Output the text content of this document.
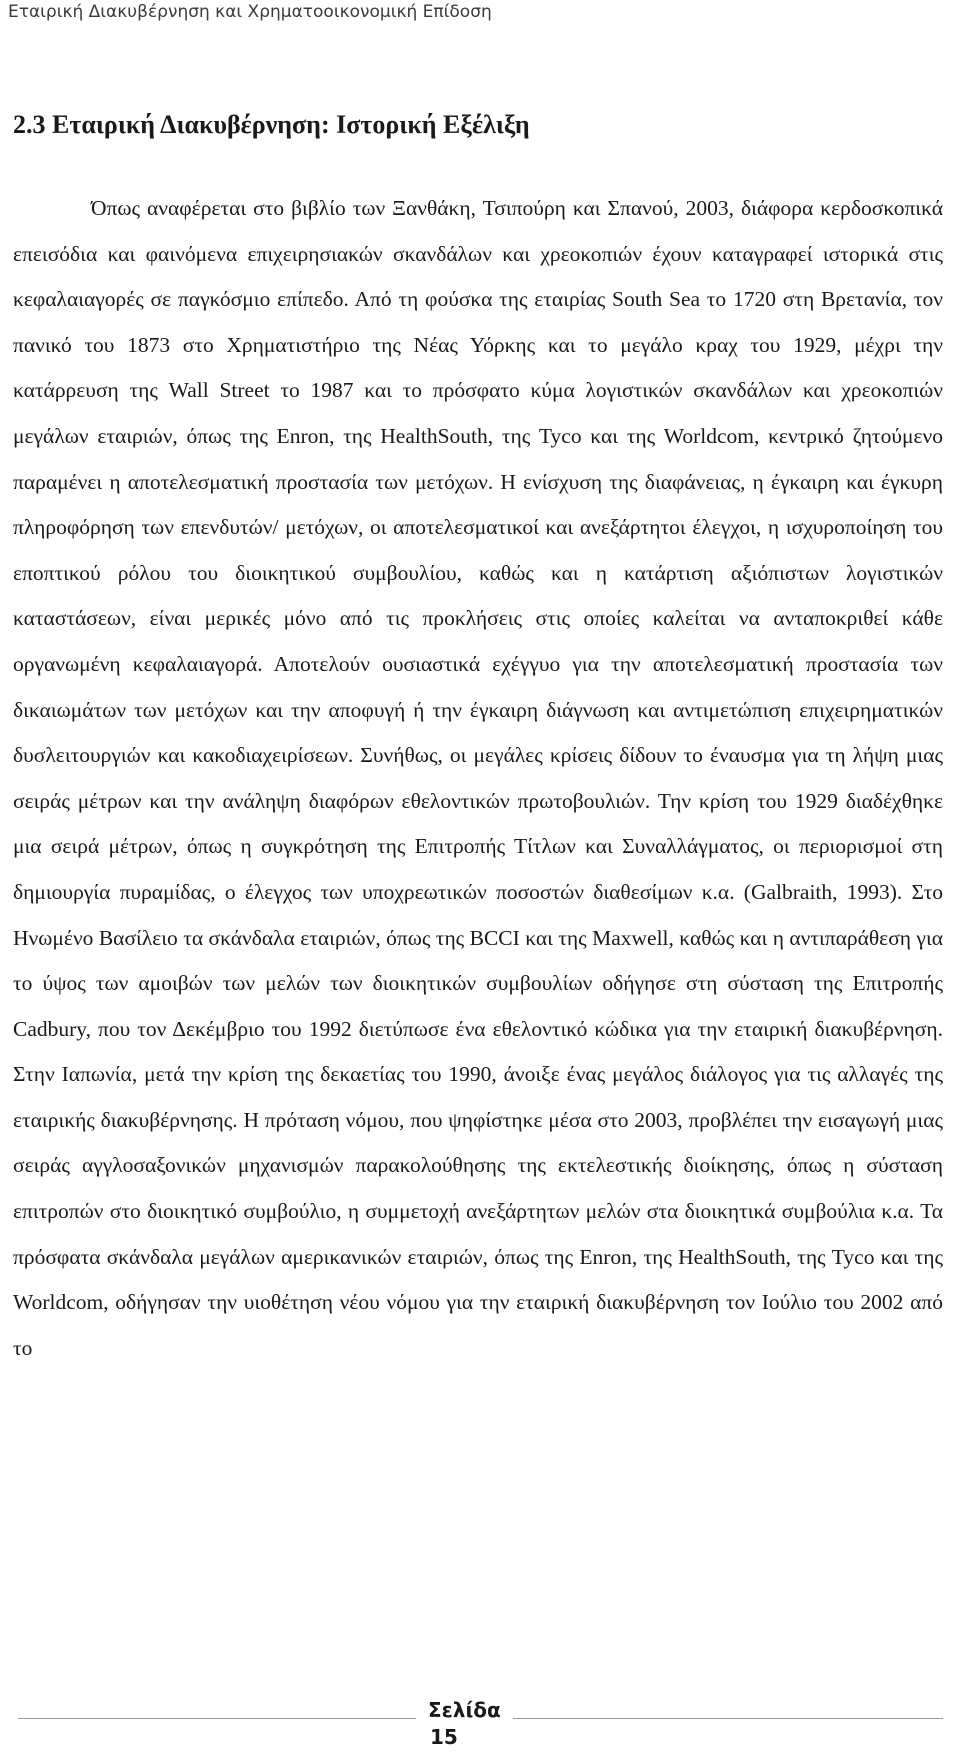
Εταιρική Διακυβέρνηση και Χρηματοοικονομική Επίδοση
2.3 Εταιρική Διακυβέρνηση: Ιστορική Εξέλιξη

Όπως αναφέρεται στο βιβλίο των Ξανθάκη, Τσιπούρη και Σπανού, 2003, διάφορα κερδοσκοπικά επεισόδια και φαινόμενα επιχειρησιακών σκανδάλων και χρεοκοπιών έχουν καταγραφεί ιστορικά στις κεφαλαιαγορές σε παγκόσμιο επίπεδο. Από τη φούσκα της εταιρίας South Sea το 1720 στη Βρετανία, τον πανικό του 1873 στο Χρηματιστήριο της Νέας Υόρκης και το μεγάλο κραχ του 1929, μέχρι την κατάρρευση της Wall Street το 1987 και το πρόσφατο κύμα λογιστικών σκανδάλων και χρεοκοπιών μεγάλων εταιριών, όπως της Enron, της HealthSouth, της Tyco και της Worldcom, κεντρικό ζητούμενο παραμένει η αποτελεσματική προστασία των μετόχων. Η ενίσχυση της διαφάνειας, η έγκαιρη και έγκυρη πληροφόρηση των επενδυτών/ μετόχων, οι αποτελεσματικοί και ανεξάρτητοι έλεγχοι, η ισχυροποίηση του εποπτικού ρόλου του διοικητικού συμβουλίου, καθώς και η κατάρτιση αξιόπιστων λογιστικών καταστάσεων, είναι μερικές μόνο από τις προκλήσεις στις οποίες καλείται να ανταποκριθεί κάθε οργανωμένη κεφαλαιαγορά. Αποτελούν ουσιαστικά εχέγγυο για την αποτελεσματική προστασία των δικαιωμάτων των μετόχων και την αποφυγή ή την έγκαιρη διάγνωση και αντιμετώπιση επιχειρηματικών δυσλειτουργιών και κακοδιαχειρίσεων. Συνήθως, οι μεγάλες κρίσεις δίδουν το έναυσμα για τη λήψη μιας σειράς μέτρων και την ανάληψη διαφόρων εθελοντικών πρωτοβουλιών. Την κρίση του 1929 διαδέχθηκε μια σειρά μέτρων, όπως η συγκρότηση της Επιτροπής Τίτλων και Συναλλάγματος, οι περιορισμοί στη δημιουργία πυραμίδας, ο έλεγχος των υποχρεωτικών ποσοστών διαθεσίμων κ.α. (Galbraith, 1993). Στο Ηνωμένο Βασίλειο τα σκάνδαλα εταιριών, όπως της BCCI και της Maxwell, καθώς και η αντιπαράθεση για το ύψος των αμοιβών των μελών των διοικητικών συμβουλίων οδήγησε στη σύσταση της Επιτροπής Cadbury, που τον Δεκέμβριο του 1992 διετύπωσε ένα εθελοντικό κώδικα για την εταιρική διακυβέρνηση. Στην Ιαπωνία, μετά την κρίση της δεκαετίας του 1990, άνοιξε ένας μεγάλος διάλογος για τις αλλαγές της εταιρικής διακυβέρνησης. Η πρόταση νόμου, που ψηφίστηκε μέσα στο 2003, προβλέπει την εισαγωγή μιας σειράς αγγλοσαξονικών μηχανισμών παρακολούθησης της εκτελεστικής διοίκησης, όπως η σύσταση επιτροπών στο διοικητικό συμβούλιο, η συμμετοχή ανεξάρτητων μελών στα διοικητικά συμβούλια κ.α. Τα πρόσφατα σκάνδαλα μεγάλων αμερικανικών εταιριών, όπως της Enron, της HealthSouth, της Tyco και της Worldcom, οδήγησαν την υιοθέτηση νέου νόμου για την εταιρική διακυβέρνηση τον Ιούλιο του 2002 από το

Σελίδα
15
